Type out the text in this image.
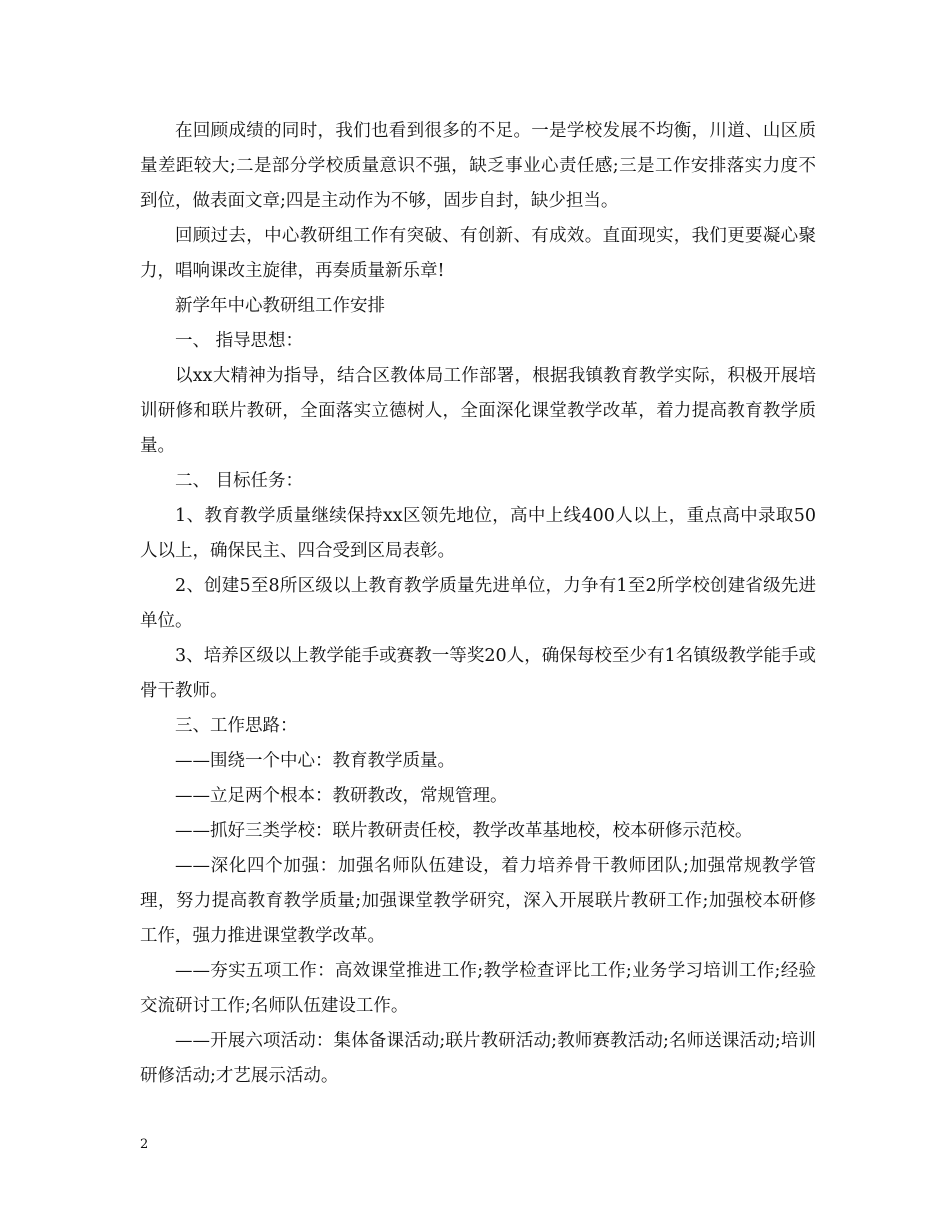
在回顾成绩的同时，我们也看到很多的不足。一是学校发展不均衡，川道、山区质量差距较大;二是部分学校质量意识不强，缺乏事业心责任感;三是工作安排落实力度不到位，做表面文章;四是主动作为不够，固步自封，缺少担当。

回顾过去，中心教研组工作有突破、有创新、有成效。直面现实，我们更要凝心聚力，唱响课改主旋律，再奏质量新乐章!

新学年中心教研组工作安排

一、 指导思想：

以xx大精神为指导，结合区教体局工作部署，根据我镇教育教学实际，积极开展培训研修和联片教研，全面落实立德树人，全面深化课堂教学改革，着力提高教育教学质量。

二、 目标任务：

1、教育教学质量继续保持xx区领先地位，高中上线400人以上，重点高中录取50人以上，确保民主、四合受到区局表彰。

2、创建5至8所区级以上教育教学质量先进单位，力争有1至2所学校创建省级先进单位。

3、培养区级以上教学能手或赛教一等奖20人，确保每校至少有1名镇级教学能手或骨干教师。

三、工作思路：

——围绕一个中心：教育教学质量。

——立足两个根本：教研教改，常规管理。

——抓好三类学校：联片教研责任校，教学改革基地校，校本研修示范校。

——深化四个加强：加强名师队伍建设，着力培养骨干教师团队;加强常规教学管理，努力提高教育教学质量;加强课堂教学研究，深入开展联片教研工作;加强校本研修工作，强力推进课堂教学改革。

——夯实五项工作：高效课堂推进工作;教学检查评比工作;业务学习培训工作;经验交流研讨工作;名师队伍建设工作。

——开展六项活动：集体备课活动;联片教研活动;教师赛教活动;名师送课活动;培训研修活动;才艺展示活动。

2
